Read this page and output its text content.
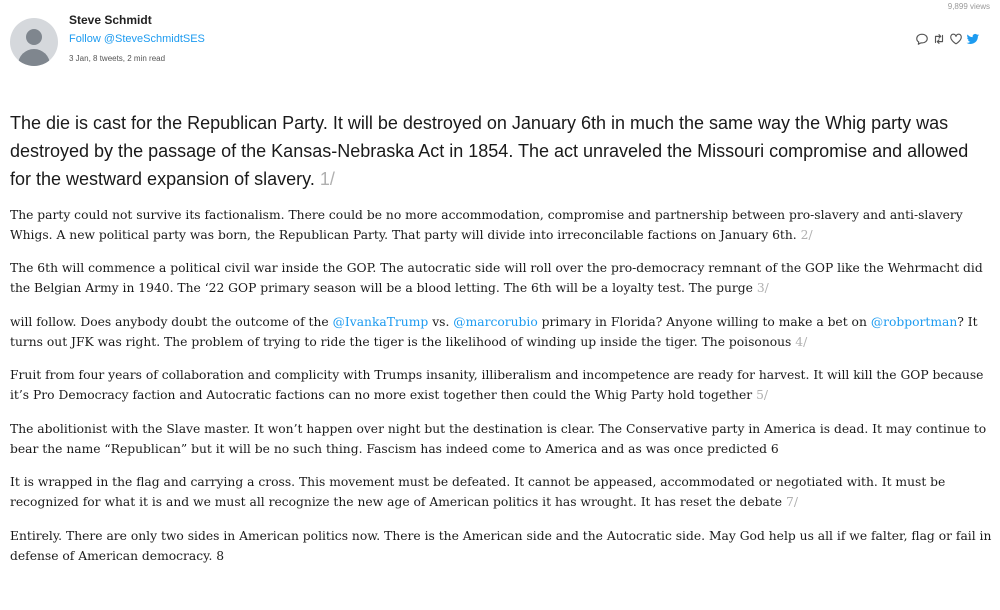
9,899 views
Steve Schmidt
Follow @SteveSchmidtSES
3 Jan, 8 tweets, 2 min read

The die is cast for the Republican Party. It will be destroyed on January 6th in much the same way the Whig party was destroyed by the passage of the Kansas-Nebraska Act in 1854. The act unraveled the Missouri compromise and allowed for the westward expansion of slavery. 1/

The party could not survive its factionalism. There could be no more accommodation, compromise and partnership between pro-slavery and anti-slavery Whigs. A new political party was born, the Republican Party. That party will divide into irreconcilable factions on January 6th. 2/

The 6th will commence a political civil war inside the GOP. The autocratic side will roll over the pro-democracy remnant of the GOP like the Wehrmacht did the Belgian Army in 1940. The ‘22 GOP primary season will be a blood letting. The 6th will be a loyalty test. The purge 3/

will follow. Does anybody doubt the outcome of the @IvankaTrump vs. @marcorubio primary in Florida? Anyone willing to make a bet on @robportman? It turns out JFK was right. The problem of trying to ride the tiger is the likelihood of winding up inside the tiger. The poisonous 4/

Fruit from four years of collaboration and complicity with Trumps insanity, illiberalism and incompetence are ready for harvest. It will kill the GOP because it’s Pro Democracy faction and Autocratic factions can no more exist together then could the Whig Party hold together 5/

The abolitionist with the Slave master. It won’t happen over night but the destination is clear. The Conservative party in America is dead. It may continue to bear the name “Republican” but it will be no such thing. Fascism has indeed come to America and as was once predicted 6

It is wrapped in the flag and carrying a cross. This movement must be defeated. It cannot be appeased, accommodated or negotiated with. It must be recognized for what it is and we must all recognize the new age of American politics it has wrought. It has reset the debate 7/

Entirely. There are only two sides in American politics now. There is the American side and the Autocratic side. May God help us all if we falter, flag or fail in defense of American democracy. 8
